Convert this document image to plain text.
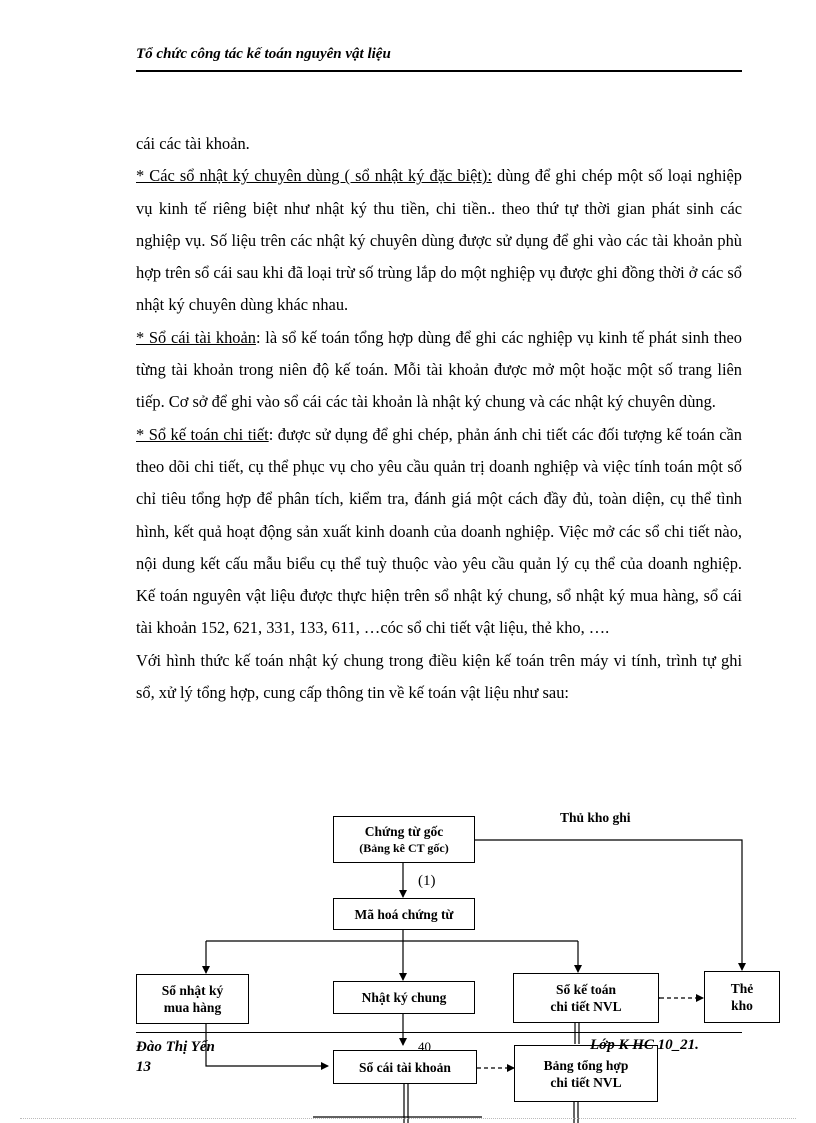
Tổ chức công tác kế toán nguyên vật liệu

cái các tài khoản.

* Các sổ nhật ký chuyên dùng ( sổ nhật ký đặc biệt): dùng để ghi chép một số loại nghiệp vụ kinh tế riêng biệt như nhật ký thu tiền, chi tiền.. theo thứ tự thời gian phát sinh các nghiệp vụ. Số liệu trên các nhật ký chuyên dùng được sử dụng để ghi vào các tài khoản phù hợp trên sổ cái sau khi đã loại trừ số trùng lắp do một nghiệp vụ được ghi đồng thời ở các sổ nhật ký chuyên dùng khác nhau.

* Sổ cái tài khoản: là sổ kế toán tổng hợp dùng để ghi các nghiệp vụ kinh tế phát sinh theo từng tài khoản trong niên độ kế toán. Mỗi tài khoản được mở một hoặc một số trang liên tiếp. Cơ sở để ghi vào sổ cái các tài khoản là nhật ký chung và các nhật ký chuyên dùng.

* Sổ kế toán chi tiết: được sử dụng để ghi chép, phản ánh chi tiết các đối tượng kế toán cần theo dõi chi tiết, cụ thể phục vụ cho yêu cầu quản trị doanh nghiệp và việc tính toán một số chỉ tiêu tổng hợp để phân tích, kiểm tra, đánh giá một cách đầy đủ, toàn diện, cụ thể tình hình, kết quả hoạt động sản xuất kinh doanh của doanh nghiệp. Việc mở các sổ chi tiết nào, nội dung kết cấu mẫu biểu cụ thể tuỳ thuộc vào yêu cầu quản lý cụ thể của doanh nghiệp. Kế toán nguyên vật liệu được thực hiện trên sổ nhật ký chung, sổ nhật ký mua hàng, sổ cái tài khoản 152, 621, 331, 133, 611, …cóc sổ chi tiết vật liệu, thẻ kho, ….

Với hình thức kế toán nhật ký chung trong điều kiện kế toán trên máy vi tính, trình tự ghi sổ, xử lý tổng hợp, cung cấp thông tin về kế toán vật liệu như sau:

Chứng từ gốc
(Bảng kê CT gốc)
Thủ kho ghi
(1)
Mã hoá chứng từ
Sổ nhật ký
mua hàng
Nhật ký chung
Sổ kế toán
chi tiết NVL
Thẻ
kho
Sổ cái tài khoản	Bảng tổng hợp
chi tiết NVL
Đào Thị Yến
13
40	Lớp K HC 10_21.
